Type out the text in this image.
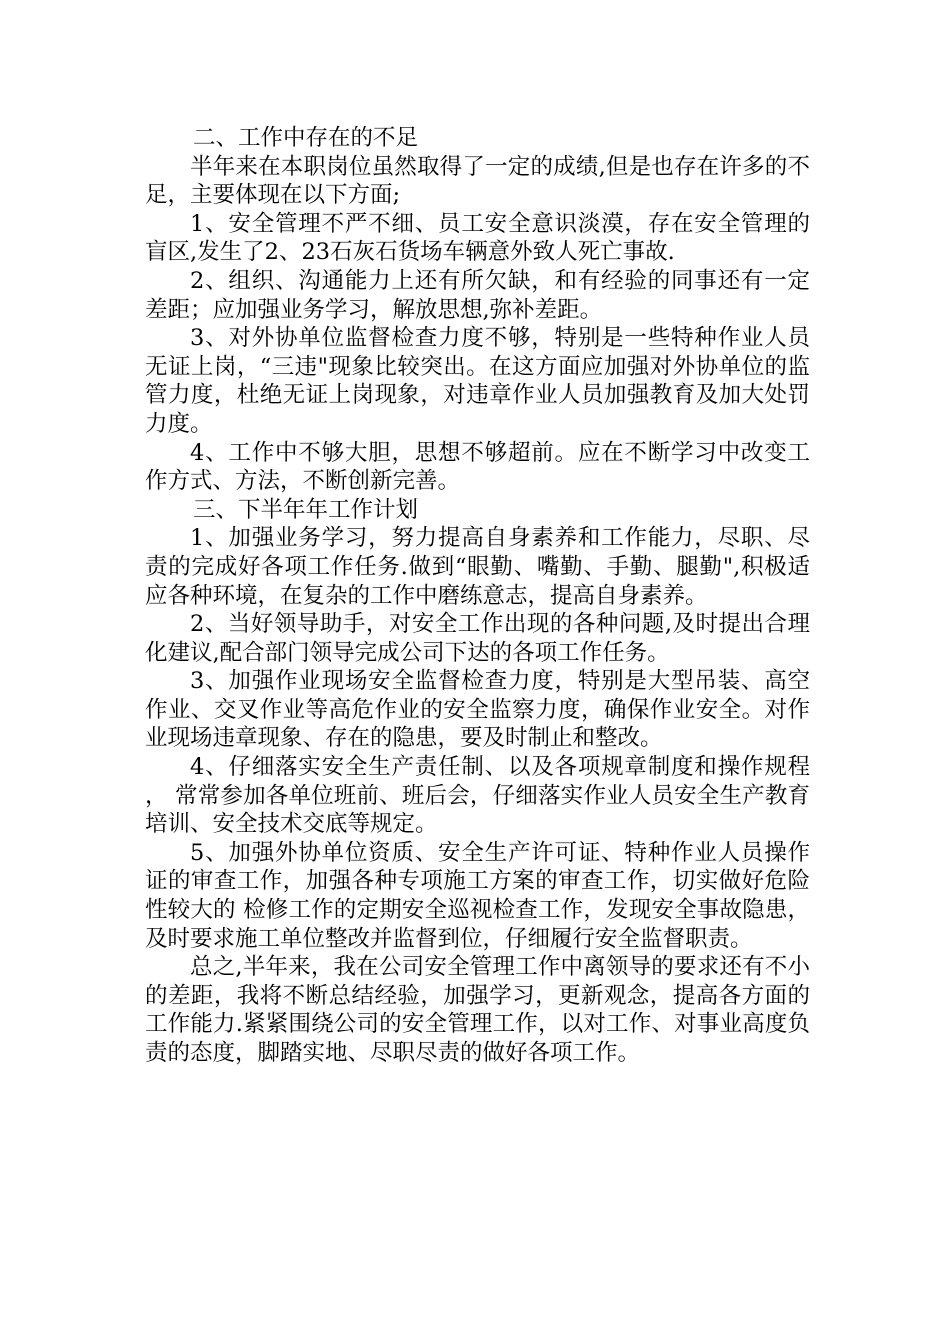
二、工作中存在的不足

半年来在本职岗位虽然取得了一定的成绩,但是也存在许多的不足，主要体现在以下方面;

1、安全管理不严不细、员工安全意识淡漠，存在安全管理的盲区,发生了2、23石灰石货场车辆意外致人死亡事故.

2、组织、沟通能力上还有所欠缺，和有经验的同事还有一定差距；应加强业务学习，解放思想,弥补差距。

3、对外协单位监督检查力度不够，特别是一些特种作业人员无证上岗，“三违"现象比较突出。在这方面应加强对外协单位的监管力度，杜绝无证上岗现象，对违章作业人员加强教育及加大处罚力度。

4、工作中不够大胆，思想不够超前。应在不断学习中改变工作方式、方法，不断创新完善。

三、下半年年工作计划

1、加强业务学习，努力提高自身素养和工作能力，尽职、尽责的完成好各项工作任务.做到“眼勤、嘴勤、手勤、腿勤",积极适应各种环境，在复杂的工作中磨练意志，提高自身素养。

2、当好领导助手，对安全工作出现的各种问题,及时提出合理化建议,配合部门领导完成公司下达的各项工作任务。

3、加强作业现场安全监督检查力度，特别是大型吊装、高空作业、交叉作业等高危作业的安全监察力度，确保作业安全。对作业现场违章现象、存在的隐患，要及时制止和整改。

4、仔细落实安全生产责任制、以及各项规章制度和操作规程， 常常参加各单位班前、班后会，仔细落实作业人员安全生产教育培训、安全技术交底等规定。

5、加强外协单位资质、安全生产许可证、特种作业人员操作证的审查工作，加强各种专项施工方案的审查工作，切实做好危险性较大的 检修工作的定期安全巡视检查工作，发现安全事故隐患，及时要求施工单位整改并监督到位，仔细履行安全监督职责。

总之,半年来，我在公司安全管理工作中离领导的要求还有不小的差距，我将不断总结经验，加强学习，更新观念，提高各方面的工作能力.紧紧围绕公司的安全管理工作，以对工作、对事业高度负责的态度，脚踏实地、尽职尽责的做好各项工作。
